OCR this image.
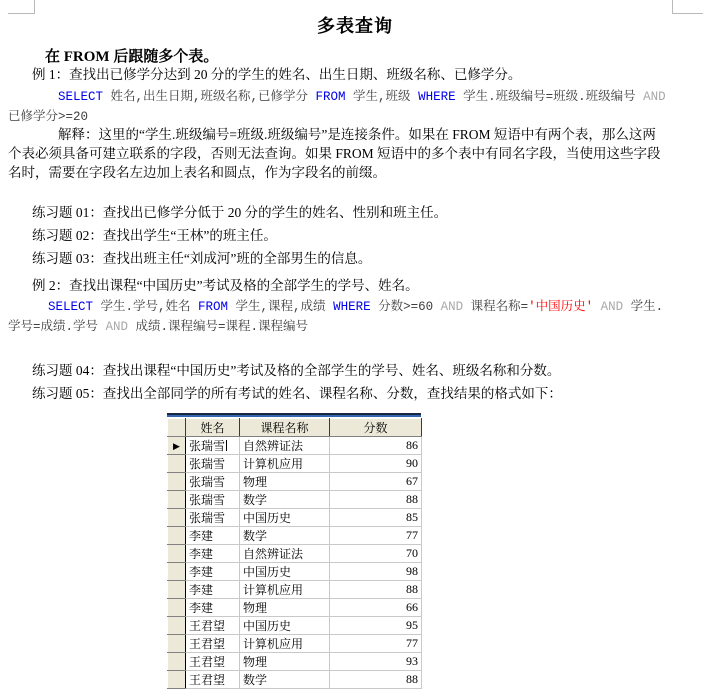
多表查询
在 FROM 后跟随多个表。
例 1：查找出已修学分达到 20 分的学生的姓名、出生日期、班级名称、已修学分。
SELECT 姓名,出生日期,班级名称,已修学分 FROM 学生,班级 WHERE 学生.班级编号=班级.班级编号 AND
已修学分>=20
解释：这里的“学生.班级编号=班级.班级编号”是连接条件。如果在 FROM 短语中有两个表，那么这两
个表必须具备可建立联系的字段，否则无法查询。如果 FROM 短语中的多个表中有同名字段，当使用这些字段
名时，需要在字段名左边加上表名和圆点，作为字段名的前缀。
练习题 01：查找出已修学分低于 20 分的学生的姓名、性别和班主任。
练习题 02：查找出学生“王林”的班主任。
练习题 03：查找出班主任“刘成河”班的全部男生的信息。
例 2：查找出课程“中国历史”考试及格的全部学生的学号、姓名。
SELECT 学生.学号,姓名 FROM 学生,课程,成绩 WHERE 分数>=60 AND 课程名称='中国历史' AND 学生.
学号=成绩.学号 AND 成绩.课程编号=课程.课程编号
练习题 04：查找出课程“中国历史”考试及格的全部学生的学号、姓名、班级名称和分数。
练习题 05：查找出全部同学的所有考试的姓名、课程名称、分数，查找结果的格式如下：
	姓名	课程名称	分数
▶	张瑞雪	自然辨证法	86
	张瑞雪	计算机应用	90
	张瑞雪	物理	67
	张瑞雪	数学	88
	张瑞雪	中国历史	85
	李建	数学	77
	李建	自然辨证法	70
	李建	中国历史	98
	李建	计算机应用	88
	李建	物理	66
	王君望	中国历史	95
	王君望	计算机应用	77
	王君望	物理	93
	王君望	数学	88
